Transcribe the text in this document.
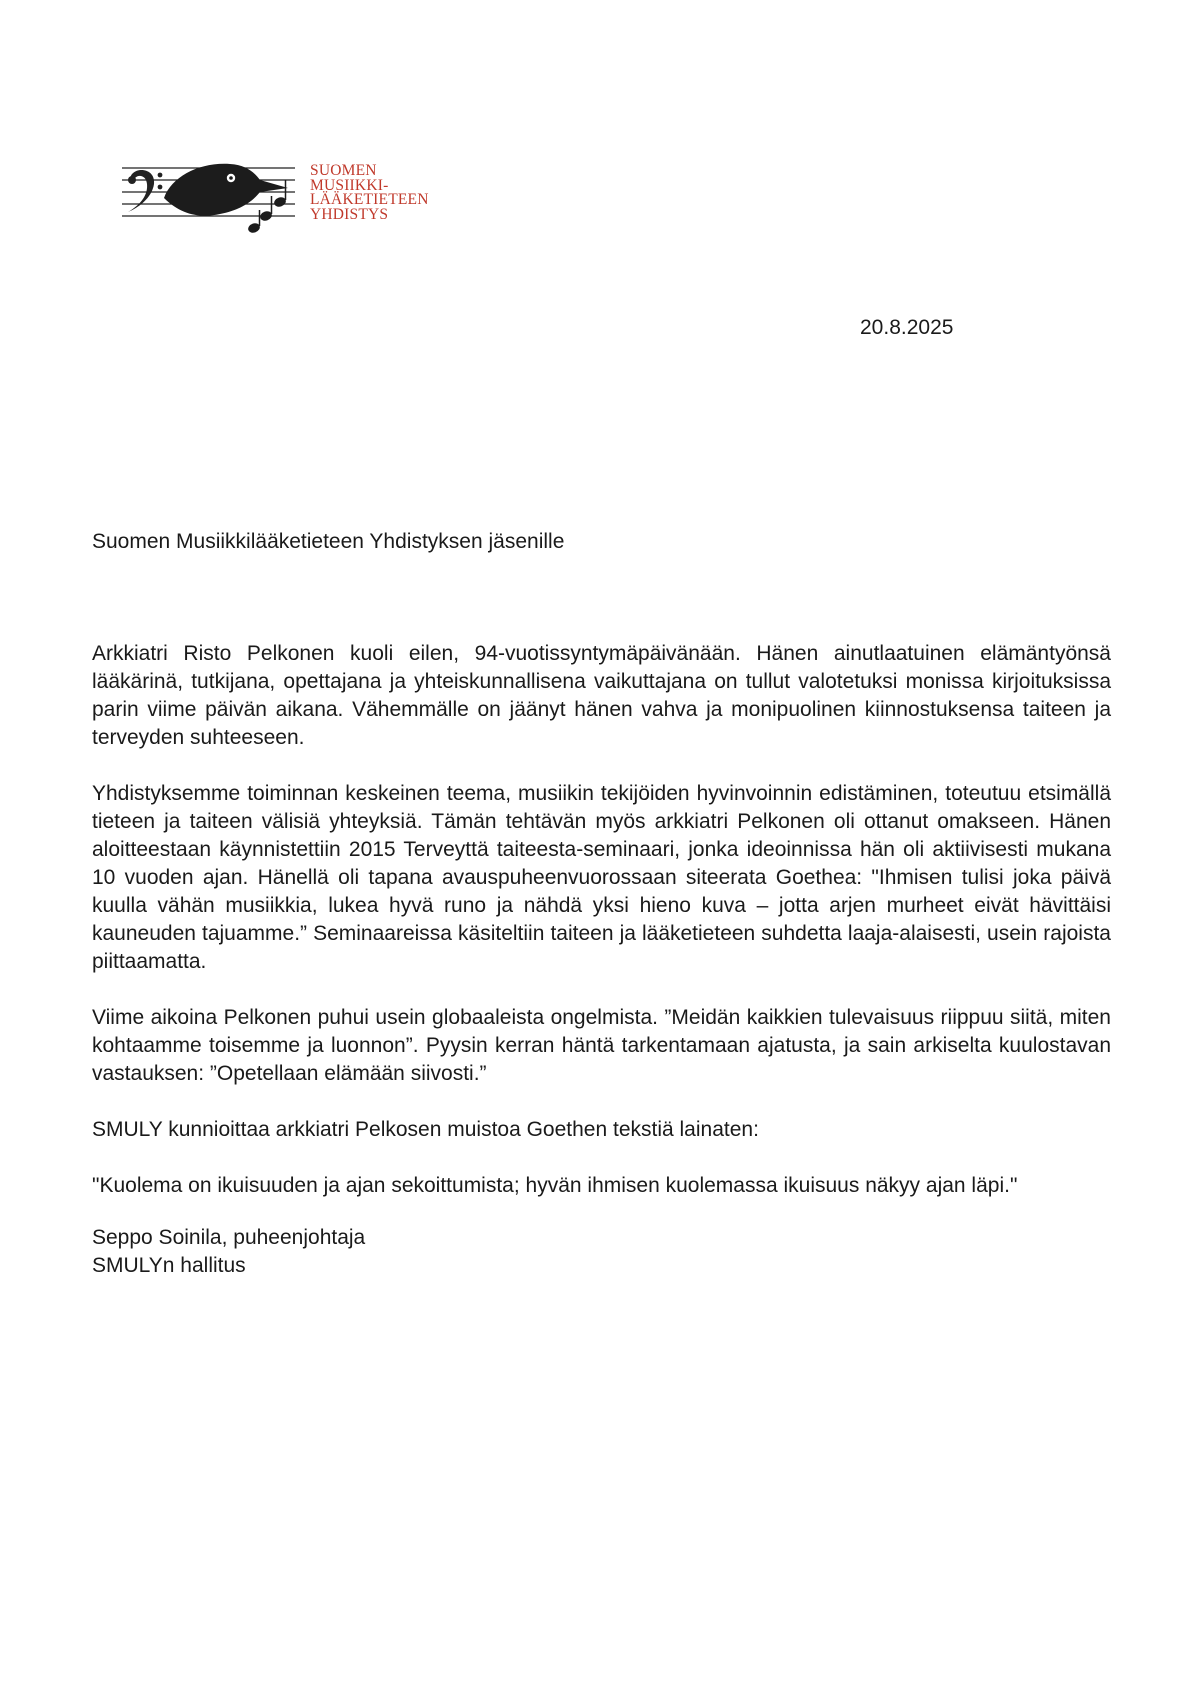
SUOMEN
MUSIIKKI-
LÄÄKETIETEEN
YHDISTYS
20.8.2025
Suomen Musiikkilääketieteen Yhdistyksen jäsenille

Arkkiatri Risto Pelkonen kuoli eilen, 94-vuotissyntymäpäivänään. Hänen ainutlaatuinen elämäntyönsä lääkärinä, tutkijana, opettajana ja yhteiskunnallisena vaikuttajana on tullut valotetuksi monissa kirjoituksissa parin viime päivän aikana. Vähemmälle on jäänyt hänen vahva ja monipuolinen kiinnostuksensa taiteen ja terveyden suhteeseen.

Yhdistyksemme toiminnan keskeinen teema, musiikin tekijöiden hyvinvoinnin edistäminen, toteutuu etsimällä tieteen ja taiteen välisiä yhteyksiä. Tämän tehtävän myös arkkiatri Pelkonen oli ottanut omakseen. Hänen aloitteestaan käynnistettiin 2015 Terveyttä taiteesta-seminaari, jonka ideoinnissa hän oli aktiivisesti mukana 10 vuoden ajan. Hänellä oli tapana avauspuheenvuorossaan siteerata Goethea: "Ihmisen tulisi joka päivä kuulla vähän musiikkia, lukea hyvä runo ja nähdä yksi hieno kuva – jotta arjen murheet eivät hävittäisi kauneuden tajuamme.” Seminaareissa käsiteltiin taiteen ja lääketieteen suhdetta laaja-alaisesti, usein rajoista piittaamatta.

Viime aikoina Pelkonen puhui usein globaaleista ongelmista. ”Meidän kaikkien tulevaisuus riippuu siitä, miten kohtaamme toisemme ja luonnon”. Pyysin kerran häntä tarkentamaan ajatusta, ja sain arkiselta kuulostavan vastauksen: ”Opetellaan elämään siivosti.”

SMULY kunnioittaa arkkiatri Pelkosen muistoa Goethen tekstiä lainaten:

"Kuolema on ikuisuuden ja ajan sekoittumista; hyvän ihmisen kuolemassa ikuisuus näkyy ajan läpi."

Seppo Soinila, puheenjohtaja
SMULYn hallitus
